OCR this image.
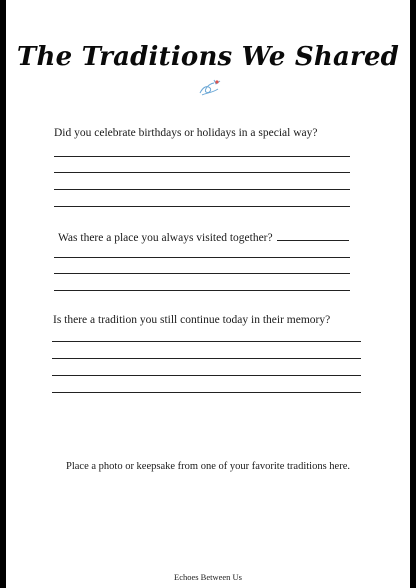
The Traditions We Shared
Did you celebrate birthdays or holidays in a special way?
Was there a place you always visited together?
Is there a tradition you still continue today in their memory?
Place a photo or keepsake from one of your favorite traditions here.
Echoes Between Us
